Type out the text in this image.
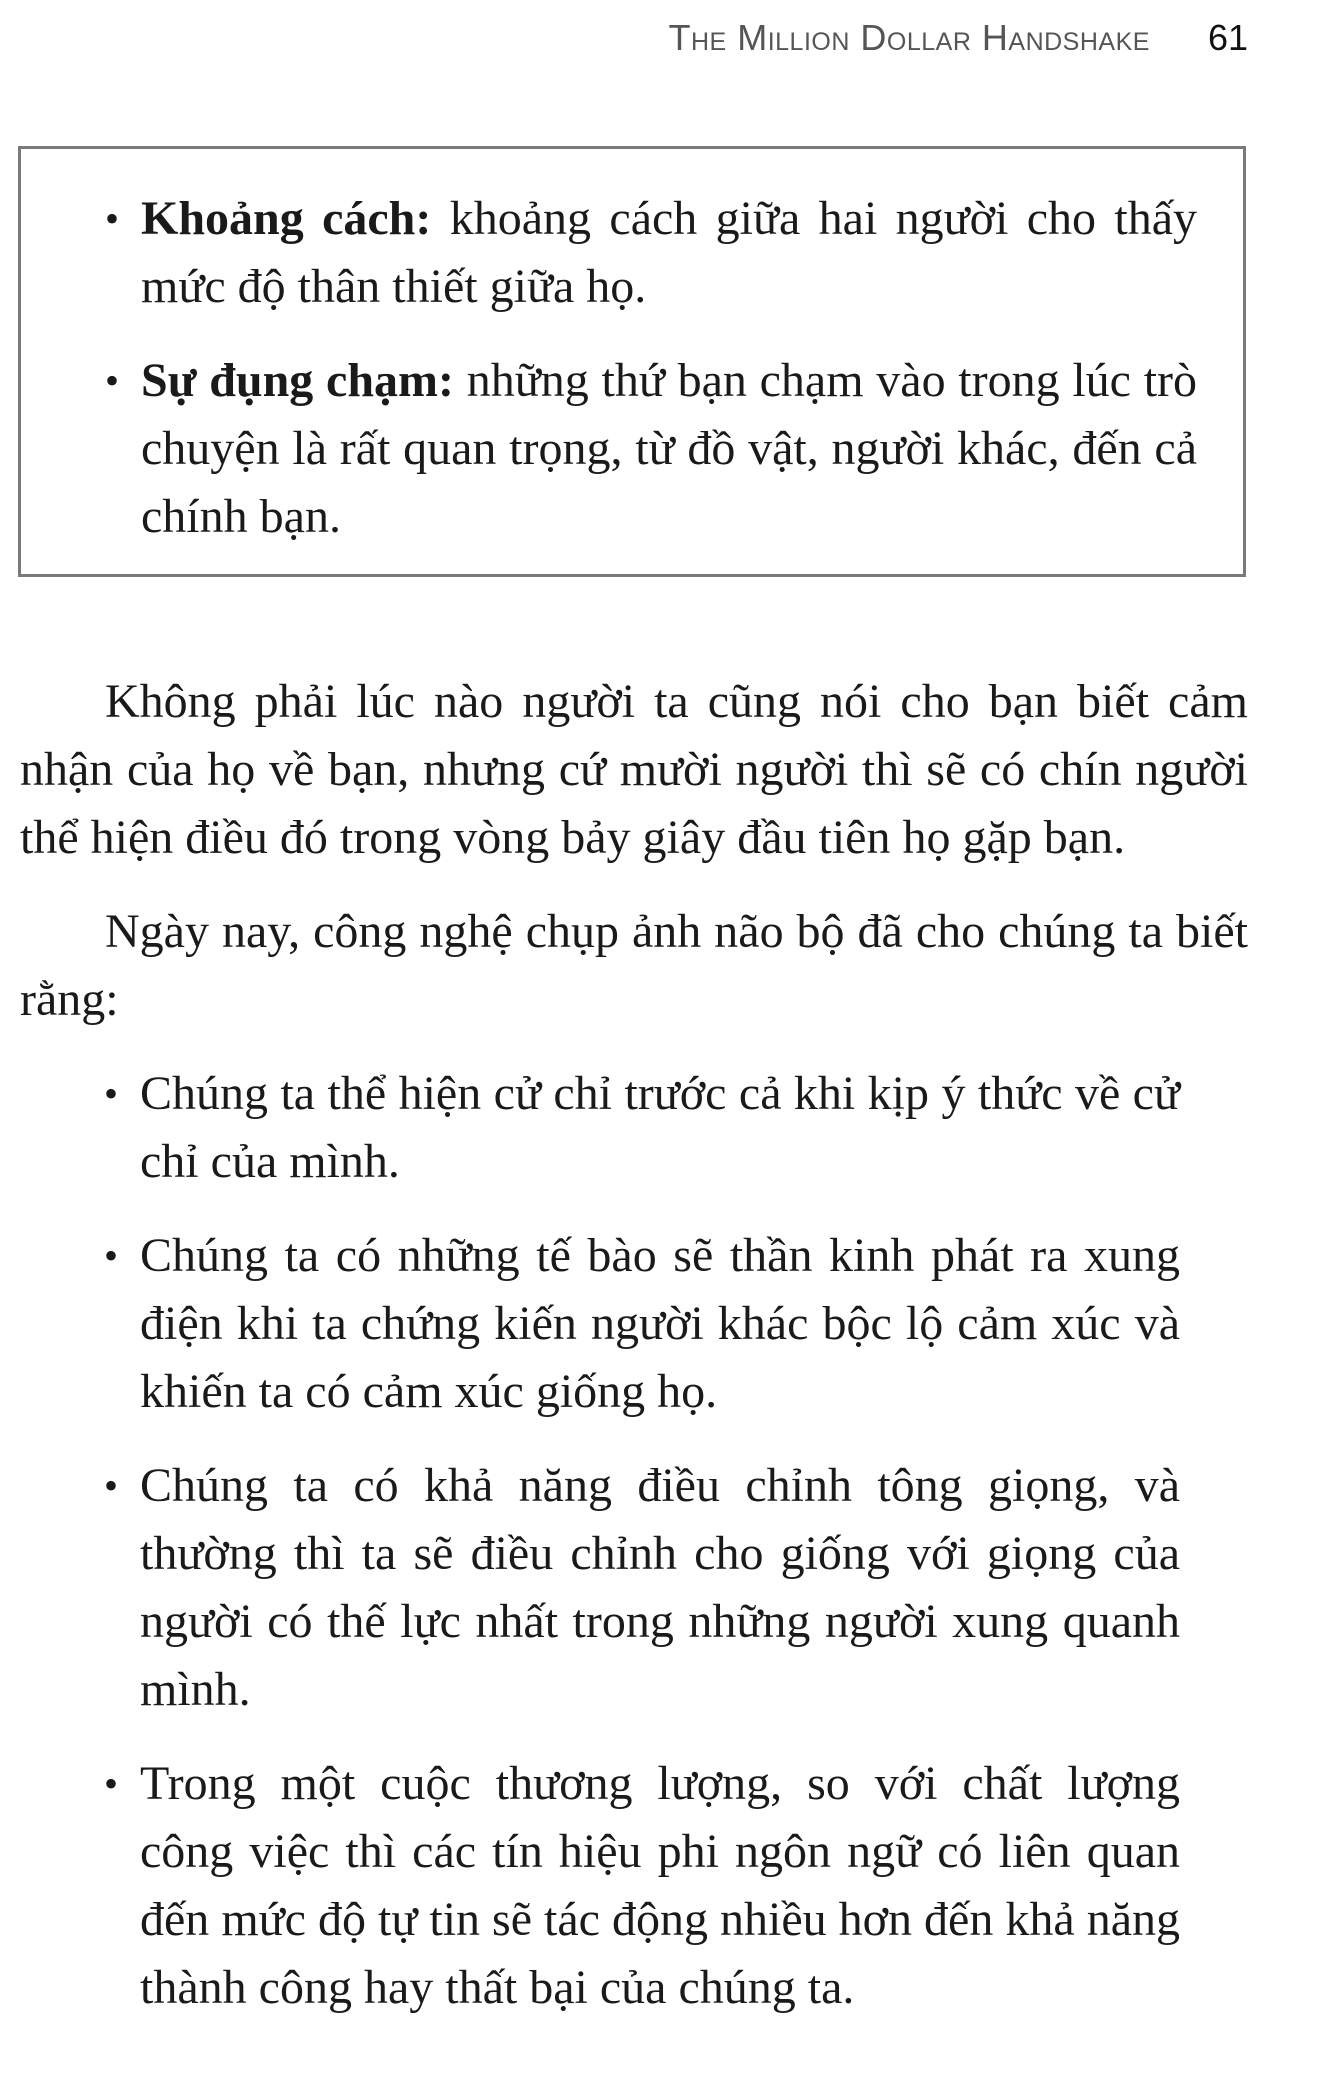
The Million Dollar Handshake 61
• Khoảng cách: khoảng cách giữa hai người cho thấy mức độ thân thiết giữa họ.
• Sự đụng chạm: những thứ bạn chạm vào trong lúc trò chuyện là rất quan trọng, từ đồ vật, người khác, đến cả chính bạn.

Không phải lúc nào người ta cũng nói cho bạn biết cảm nhận của họ về bạn, nhưng cứ mười người thì sẽ có chín người thể hiện điều đó trong vòng bảy giây đầu tiên họ gặp bạn.

Ngày nay, công nghệ chụp ảnh não bộ đã cho chúng ta biết rằng:

• Chúng ta thể hiện cử chỉ trước cả khi kịp ý thức về cử chỉ của mình.
• Chúng ta có những tế bào sẽ thần kinh phát ra xung điện khi ta chứng kiến người khác bộc lộ cảm xúc và khiến ta có cảm xúc giống họ.
• Chúng ta có khả năng điều chỉnh tông giọng, và thường thì ta sẽ điều chỉnh cho giống với giọng của người có thế lực nhất trong những người xung quanh mình.
• Trong một cuộc thương lượng, so với chất lượng công việc thì các tín hiệu phi ngôn ngữ có liên quan đến mức độ tự tin sẽ tác động nhiều hơn đến khả năng thành công hay thất bại của chúng ta.
